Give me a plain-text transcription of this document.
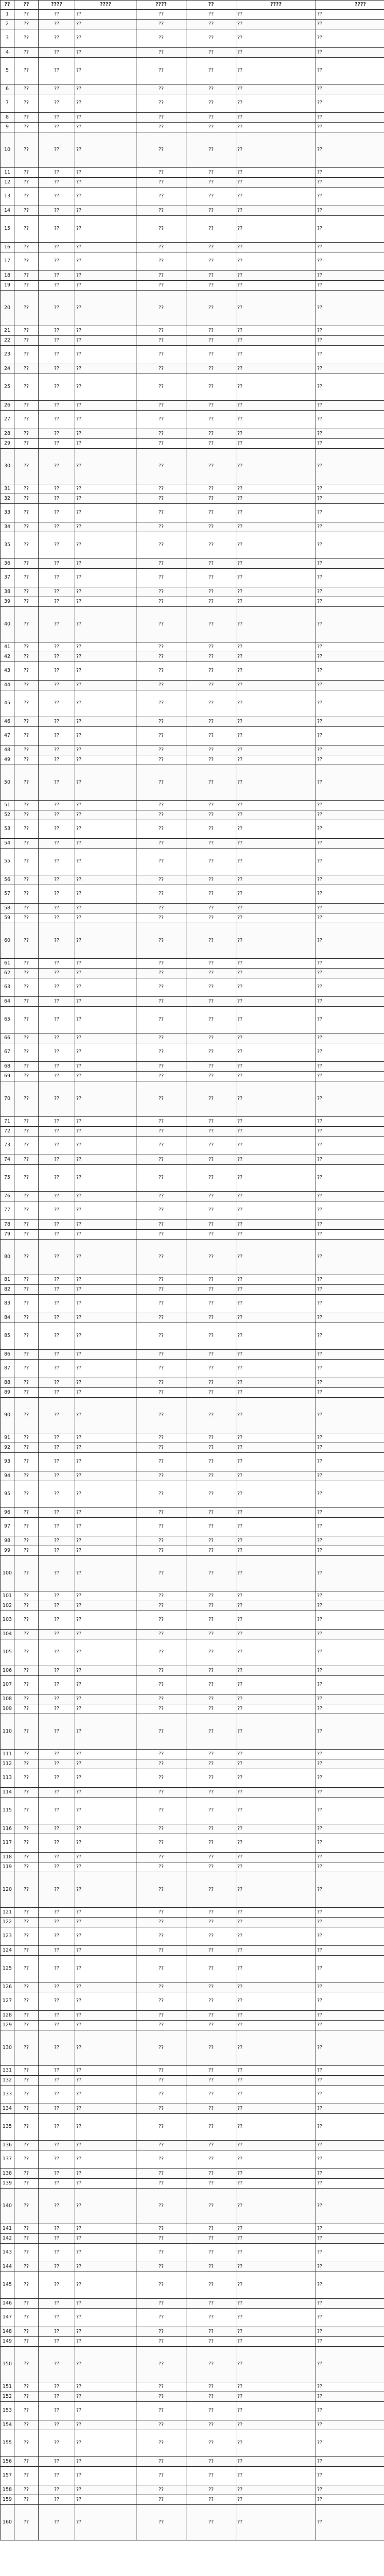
??	??	????	????	????	??	????	????
1	??	??	??	??	??	??	??
2	??	??	??	??	??	??	??
3	??	??	??	??	??	??	??
4	??	??	??	??	??	??	??
5	??	??	??	??	??	??	??
6	??	??	??	??	??	??	??
7	??	??	??	??	??	??	??
8	??	??	??	??	??	??	??
9	??	??	??	??	??	??	??
10	??	??	??	??	??	??	??
11	??	??	??	??	??	??	??
12	??	??	??	??	??	??	??
13	??	??	??	??	??	??	??
14	??	??	??	??	??	??	??
15	??	??	??	??	??	??	??
16	??	??	??	??	??	??	??
17	??	??	??	??	??	??	??
18	??	??	??	??	??	??	??
19	??	??	??	??	??	??	??
20	??	??	??	??	??	??	??
21	??	??	??	??	??	??	??
22	??	??	??	??	??	??	??
23	??	??	??	??	??	??	??
24	??	??	??	??	??	??	??
25	??	??	??	??	??	??	??
26	??	??	??	??	??	??	??
27	??	??	??	??	??	??	??
28	??	??	??	??	??	??	??
29	??	??	??	??	??	??	??
30	??	??	??	??	??	??	??
31	??	??	??	??	??	??	??
32	??	??	??	??	??	??	??
33	??	??	??	??	??	??	??
34	??	??	??	??	??	??	??
35	??	??	??	??	??	??	??
36	??	??	??	??	??	??	??
37	??	??	??	??	??	??	??
38	??	??	??	??	??	??	??
39	??	??	??	??	??	??	??
40	??	??	??	??	??	??	??
41	??	??	??	??	??	??	??
42	??	??	??	??	??	??	??
43	??	??	??	??	??	??	??
44	??	??	??	??	??	??	??
45	??	??	??	??	??	??	??
46	??	??	??	??	??	??	??
47	??	??	??	??	??	??	??
48	??	??	??	??	??	??	??
49	??	??	??	??	??	??	??
50	??	??	??	??	??	??	??
51	??	??	??	??	??	??	??
52	??	??	??	??	??	??	??
53	??	??	??	??	??	??	??
54	??	??	??	??	??	??	??
55	??	??	??	??	??	??	??
56	??	??	??	??	??	??	??
57	??	??	??	??	??	??	??
58	??	??	??	??	??	??	??
59	??	??	??	??	??	??	??
60	??	??	??	??	??	??	??
61	??	??	??	??	??	??	??
62	??	??	??	??	??	??	??
63	??	??	??	??	??	??	??
64	??	??	??	??	??	??	??
65	??	??	??	??	??	??	??
66	??	??	??	??	??	??	??
67	??	??	??	??	??	??	??
68	??	??	??	??	??	??	??
69	??	??	??	??	??	??	??
70	??	??	??	??	??	??	??
71	??	??	??	??	??	??	??
72	??	??	??	??	??	??	??
73	??	??	??	??	??	??	??
74	??	??	??	??	??	??	??
75	??	??	??	??	??	??	??
76	??	??	??	??	??	??	??
77	??	??	??	??	??	??	??
78	??	??	??	??	??	??	??
79	??	??	??	??	??	??	??
80	??	??	??	??	??	??	??
81	??	??	??	??	??	??	??
82	??	??	??	??	??	??	??
83	??	??	??	??	??	??	??
84	??	??	??	??	??	??	??
85	??	??	??	??	??	??	??
86	??	??	??	??	??	??	??
87	??	??	??	??	??	??	??
88	??	??	??	??	??	??	??
89	??	??	??	??	??	??	??
90	??	??	??	??	??	??	??
91	??	??	??	??	??	??	??
92	??	??	??	??	??	??	??
93	??	??	??	??	??	??	??
94	??	??	??	??	??	??	??
95	??	??	??	??	??	??	??
96	??	??	??	??	??	??	??
97	??	??	??	??	??	??	??
98	??	??	??	??	??	??	??
99	??	??	??	??	??	??	??
100	??	??	??	??	??	??	??
101	??	??	??	??	??	??	??
102	??	??	??	??	??	??	??
103	??	??	??	??	??	??	??
104	??	??	??	??	??	??	??
105	??	??	??	??	??	??	??
106	??	??	??	??	??	??	??
107	??	??	??	??	??	??	??
108	??	??	??	??	??	??	??
109	??	??	??	??	??	??	??
110	??	??	??	??	??	??	??
111	??	??	??	??	??	??	??
112	??	??	??	??	??	??	??
113	??	??	??	??	??	??	??
114	??	??	??	??	??	??	??
115	??	??	??	??	??	??	??
116	??	??	??	??	??	??	??
117	??	??	??	??	??	??	??
118	??	??	??	??	??	??	??
119	??	??	??	??	??	??	??
120	??	??	??	??	??	??	??
121	??	??	??	??	??	??	??
122	??	??	??	??	??	??	??
123	??	??	??	??	??	??	??
124	??	??	??	??	??	??	??
125	??	??	??	??	??	??	??
126	??	??	??	??	??	??	??
127	??	??	??	??	??	??	??
128	??	??	??	??	??	??	??
129	??	??	??	??	??	??	??
130	??	??	??	??	??	??	??
131	??	??	??	??	??	??	??
132	??	??	??	??	??	??	??
133	??	??	??	??	??	??	??
134	??	??	??	??	??	??	??
135	??	??	??	??	??	??	??
136	??	??	??	??	??	??	??
137	??	??	??	??	??	??	??
138	??	??	??	??	??	??	??
139	??	??	??	??	??	??	??
140	??	??	??	??	??	??	??
141	??	??	??	??	??	??	??
142	??	??	??	??	??	??	??
143	??	??	??	??	??	??	??
144	??	??	??	??	??	??	??
145	??	??	??	??	??	??	??
146	??	??	??	??	??	??	??
147	??	??	??	??	??	??	??
148	??	??	??	??	??	??	??
149	??	??	??	??	??	??	??
150	??	??	??	??	??	??	??
151	??	??	??	??	??	??	??
152	??	??	??	??	??	??	??
153	??	??	??	??	??	??	??
154	??	??	??	??	??	??	??
155	??	??	??	??	??	??	??
156	??	??	??	??	??	??	??
157	??	??	??	??	??	??	??
158	??	??	??	??	??	??	??
159	??	??	??	??	??	??	??
160	??	??	??	??	??	??	??
